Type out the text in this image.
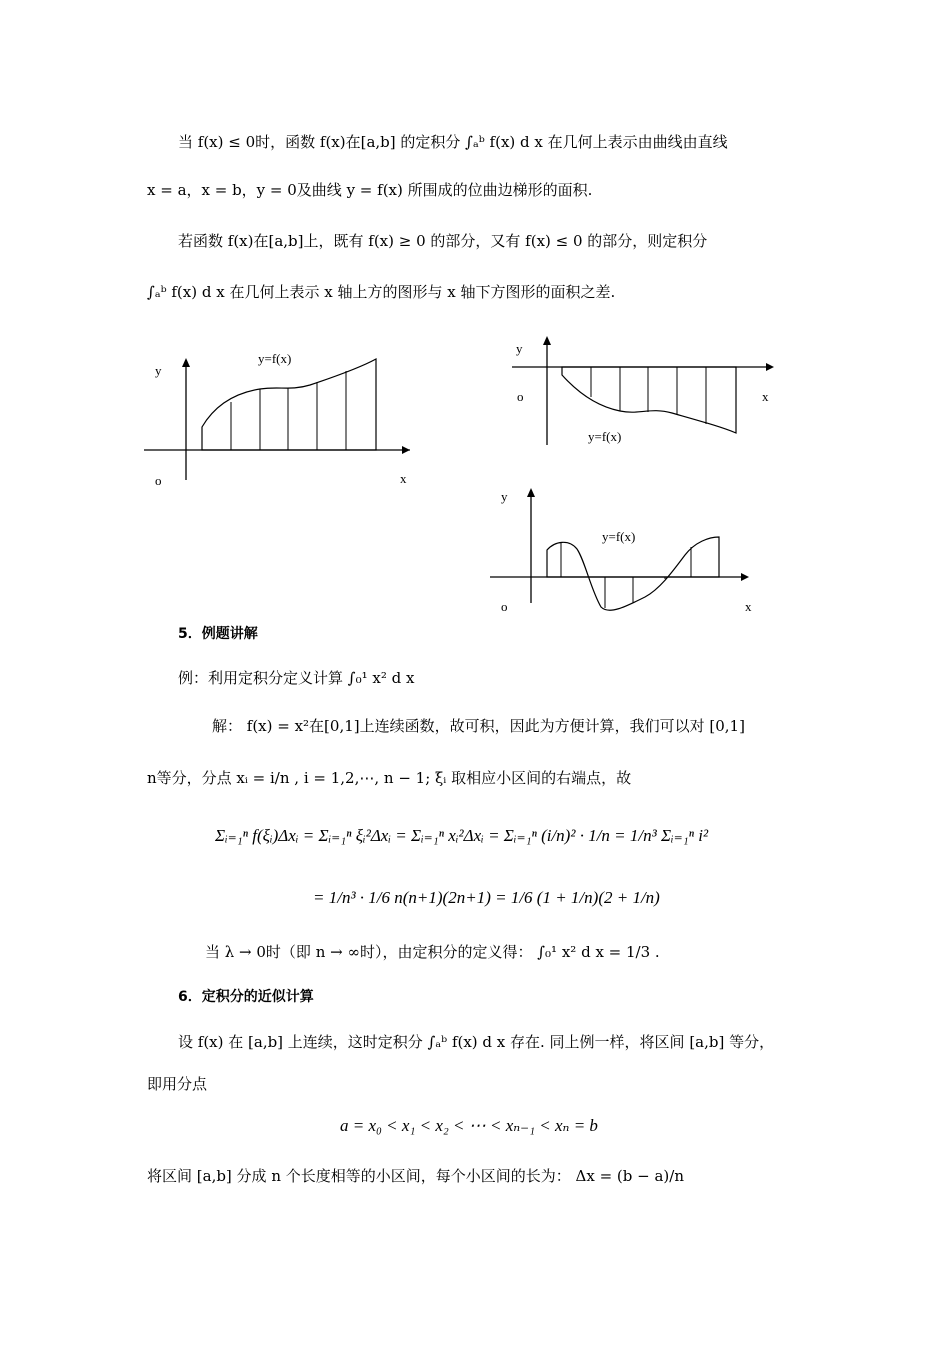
当 f(x) ≤ 0时，函数 f(x)在[a,b] 的定积分 ∫ₐᵇ f(x) d x 在几何上表示由曲线由直线
x = a，x = b，y = 0及曲线 y = f(x) 所围成的位曲边梯形的面积.
若函数 f(x)在[a,b]上，既有 f(x) ≥ 0 的部分，又有 f(x) ≤ 0 的部分，则定积分
∫ₐᵇ f(x) d x 在几何上表示 x 轴上方的图形与 x 轴下方图形的面积之差.
y
y=f(x)
o	x
y
y=f(x)
o	x
y
y=f(x)
o	x
5．例题讲解
例：利用定积分定义计算 ∫₀¹ x² d x
解： f(x) = x²在[0,1]上连续函数，故可积，因此为方便计算，我们可以对 [0,1]
n等分，分点 xᵢ = i/n , i = 1,2,⋯, n − 1; ξᵢ 取相应小区间的右端点，故
Σᵢ₌₁ⁿ f(ξᵢ)Δxᵢ = Σᵢ₌₁ⁿ ξᵢ²Δxᵢ = Σᵢ₌₁ⁿ xᵢ²Δxᵢ = Σᵢ₌₁ⁿ (i/n)² · 1/n = 1/n³ Σᵢ₌₁ⁿ i²
= 1/n³ · 1/6 n(n+1)(2n+1) = 1/6 (1 + 1/n)(2 + 1/n)
当 λ → 0时（即 n → ∞时），由定积分的定义得： ∫₀¹ x² d x = 1/3 .
6．定积分的近似计算
设 f(x) 在 [a,b] 上连续，这时定积分 ∫ₐᵇ f(x) d x 存在. 同上例一样，将区间 [a,b] 等分，
即用分点
a = x₀ < x₁ < x₂ < ⋯ < xₙ₋₁ < xₙ = b
将区间 [a,b] 分成 n 个长度相等的小区间，每个小区间的长为： Δx = (b − a)/n
